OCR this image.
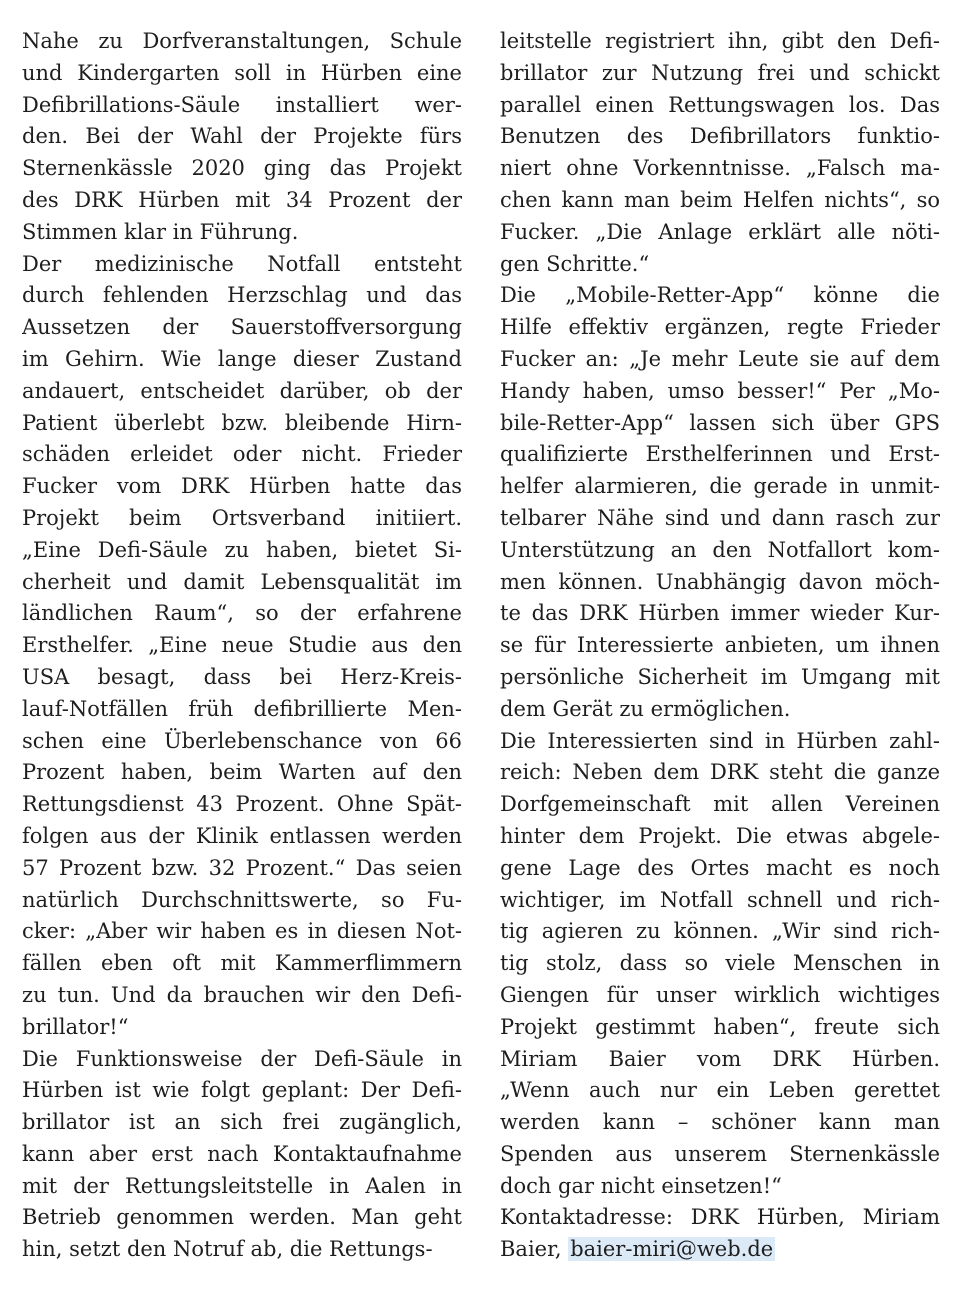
Nahe zu Dorfveranstaltungen, Schule
und Kindergarten soll in Hürben eine
Defibrillations-Säule installiert wer-
den. Bei der Wahl der Projekte fürs
Sternenkässle 2020 ging das Projekt
des DRK Hürben mit 34 Prozent der
Stimmen klar in Führung.

Der medizinische Notfall entsteht
durch fehlenden Herzschlag und das
Aussetzen der Sauerstoffversorgung
im Gehirn. Wie lange dieser Zustand
andauert, entscheidet darüber, ob der
Patient überlebt bzw. bleibende Hirn-
schäden erleidet oder nicht. Frieder
Fucker vom DRK Hürben hatte das
Projekt beim Ortsverband initiiert.
„Eine Defi-Säule zu haben, bietet Si-
cherheit und damit Lebensqualität im
ländlichen Raum“, so der erfahrene
Ersthelfer. „Eine neue Studie aus den
USA besagt, dass bei Herz-Kreis-
lauf-Notfällen früh defibrillierte Men-
schen eine Überlebenschance von 66
Prozent haben, beim Warten auf den
Rettungsdienst 43 Prozent. Ohne Spät-
folgen aus der Klinik entlassen werden
57 Prozent bzw. 32 Prozent.“ Das seien
natürlich Durchschnittswerte, so Fu-
cker: „Aber wir haben es in diesen Not-
fällen eben oft mit Kammerflimmern
zu tun. Und da brauchen wir den Defi-
brillator!“

Die Funktionsweise der Defi-Säule in
Hürben ist wie folgt geplant: Der Defi-
brillator ist an sich frei zugänglich,
kann aber erst nach Kontaktaufnahme
mit der Rettungsleitstelle in Aalen in
Betrieb genommen werden. Man geht
hin, setzt den Notruf ab, die Rettungs-

leitstelle registriert ihn, gibt den Defi-
brillator zur Nutzung frei und schickt
parallel einen Rettungswagen los. Das
Benutzen des Defibrillators funktio-
niert ohne Vorkenntnisse. „Falsch ma-
chen kann man beim Helfen nichts“, so
Fucker. „Die Anlage erklärt alle nöti-
gen Schritte.“

Die „Mobile-Retter-App“ könne die
Hilfe effektiv ergänzen, regte Frieder
Fucker an: „Je mehr Leute sie auf dem
Handy haben, umso besser!“ Per „Mo-
bile-Retter-App“ lassen sich über GPS
qualifizierte Ersthelferinnen und Erst-
helfer alarmieren, die gerade in unmit-
telbarer Nähe sind und dann rasch zur
Unterstützung an den Notfallort kom-
men können. Unabhängig davon möch-
te das DRK Hürben immer wieder Kur-
se für Interessierte anbieten, um ihnen
persönliche Sicherheit im Umgang mit
dem Gerät zu ermöglichen.

Die Interessierten sind in Hürben zahl-
reich: Neben dem DRK steht die ganze
Dorfgemeinschaft mit allen Vereinen
hinter dem Projekt. Die etwas abgele-
gene Lage des Ortes macht es noch
wichtiger, im Notfall schnell und rich-
tig agieren zu können. „Wir sind rich-
tig stolz, dass so viele Menschen in
Giengen für unser wirklich wichtiges
Projekt gestimmt haben“, freute sich
Miriam Baier vom DRK Hürben.
„Wenn auch nur ein Leben gerettet
werden kann – schöner kann man
Spenden aus unserem Sternenkässle
doch gar nicht einsetzen!“

Kontaktadresse: DRK Hürben, Miriam
Baier, baier-miri@web.de
